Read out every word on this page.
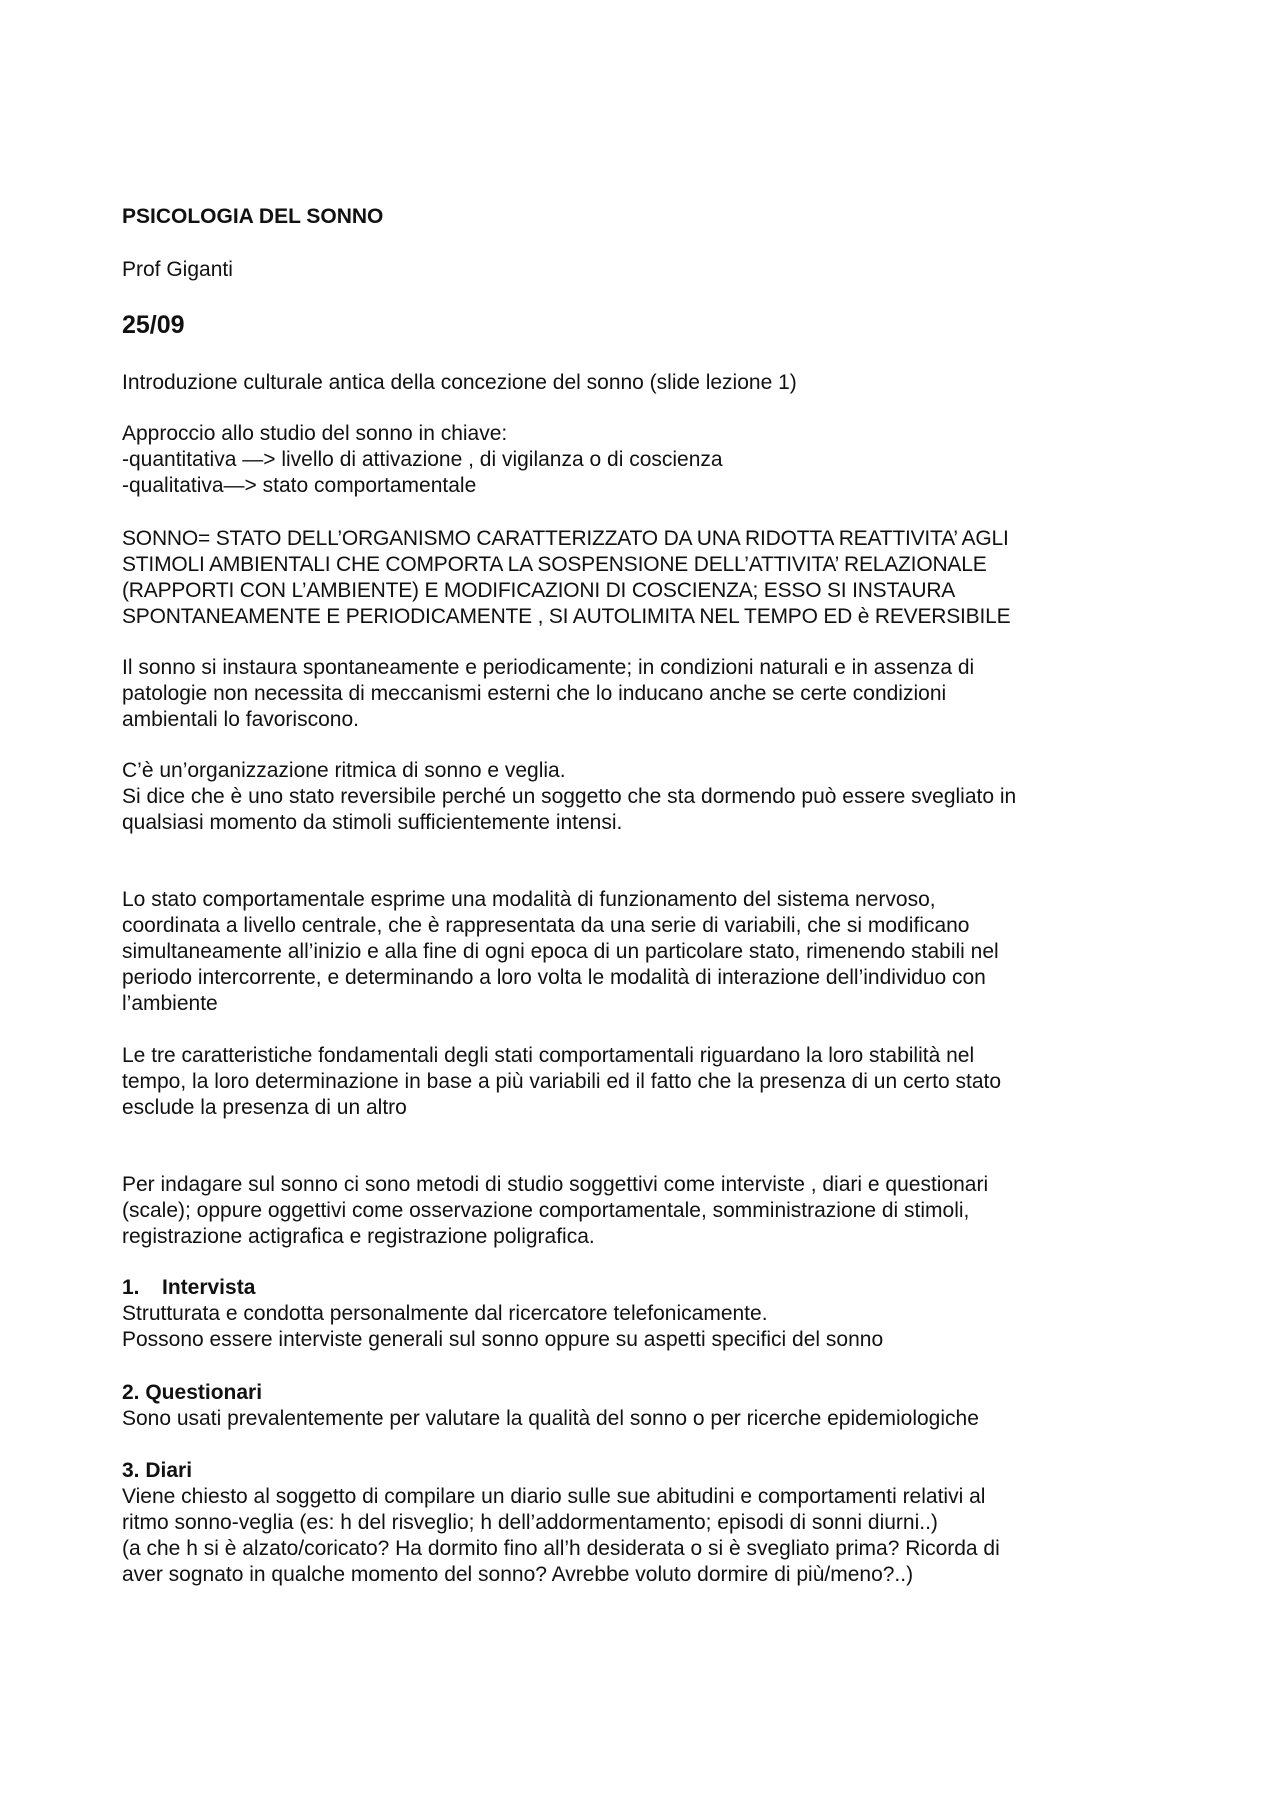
PSICOLOGIA DEL SONNO
Prof Giganti
25/09
Introduzione culturale antica della concezione del sonno (slide lezione 1)
Approccio allo studio del sonno in chiave:
-quantitativa —> livello di attivazione , di vigilanza o di coscienza
-qualitativa—> stato comportamentale
SONNO= STATO DELL’ORGANISMO CARATTERIZZATO DA UNA RIDOTTA REATTIVITA’ AGLI
STIMOLI AMBIENTALI CHE COMPORTA LA SOSPENSIONE DELL’ATTIVITA’ RELAZIONALE
(RAPPORTI CON L’AMBIENTE) E MODIFICAZIONI DI COSCIENZA; ESSO SI INSTAURA
SPONTANEAMENTE E PERIODICAMENTE , SI AUTOLIMITA NEL TEMPO ED è REVERSIBILE
Il sonno si instaura spontaneamente e periodicamente; in condizioni naturali e in assenza di
patologie non necessita di meccanismi esterni che lo inducano anche se certe condizioni
ambientali lo favoriscono.
C’è un’organizzazione ritmica di sonno e veglia.
Si dice che è uno stato reversibile perché un soggetto che sta dormendo può essere svegliato in
qualsiasi momento da stimoli sufficientemente intensi.
Lo stato comportamentale esprime una modalità di funzionamento del sistema nervoso,
coordinata a livello centrale, che è rappresentata da una serie di variabili, che si modificano
simultaneamente all’inizio e alla fine di ogni epoca di un particolare stato, rimenendo stabili nel
periodo intercorrente, e determinando a loro volta le modalità di interazione dell’individuo con
l’ambiente
Le tre caratteristiche fondamentali degli stati comportamentali riguardano la loro stabilità nel
tempo, la loro determinazione in base a più variabili ed il fatto che la presenza di un certo stato
esclude la presenza di un altro
Per indagare sul sonno ci sono metodi di studio soggettivi come interviste , diari e questionari
(scale); oppure oggettivi come osservazione comportamentale, somministrazione di stimoli,
registrazione actigrafica e registrazione poligrafica.
1. Intervista
Strutturata e condotta personalmente dal ricercatore telefonicamente.
Possono essere interviste generali sul sonno oppure su aspetti specifici del sonno
2. Questionari
Sono usati prevalentemente per valutare la qualità del sonno o per ricerche epidemiologiche
3. Diari
Viene chiesto al soggetto di compilare un diario sulle sue abitudini e comportamenti relativi al
ritmo sonno-veglia (es: h del risveglio; h dell’addormentamento; episodi di sonni diurni..)
(a che h si è alzato/coricato? Ha dormito fino all’h desiderata o si è svegliato prima? Ricorda di
aver sognato in qualche momento del sonno? Avrebbe voluto dormire di più/meno?..)
